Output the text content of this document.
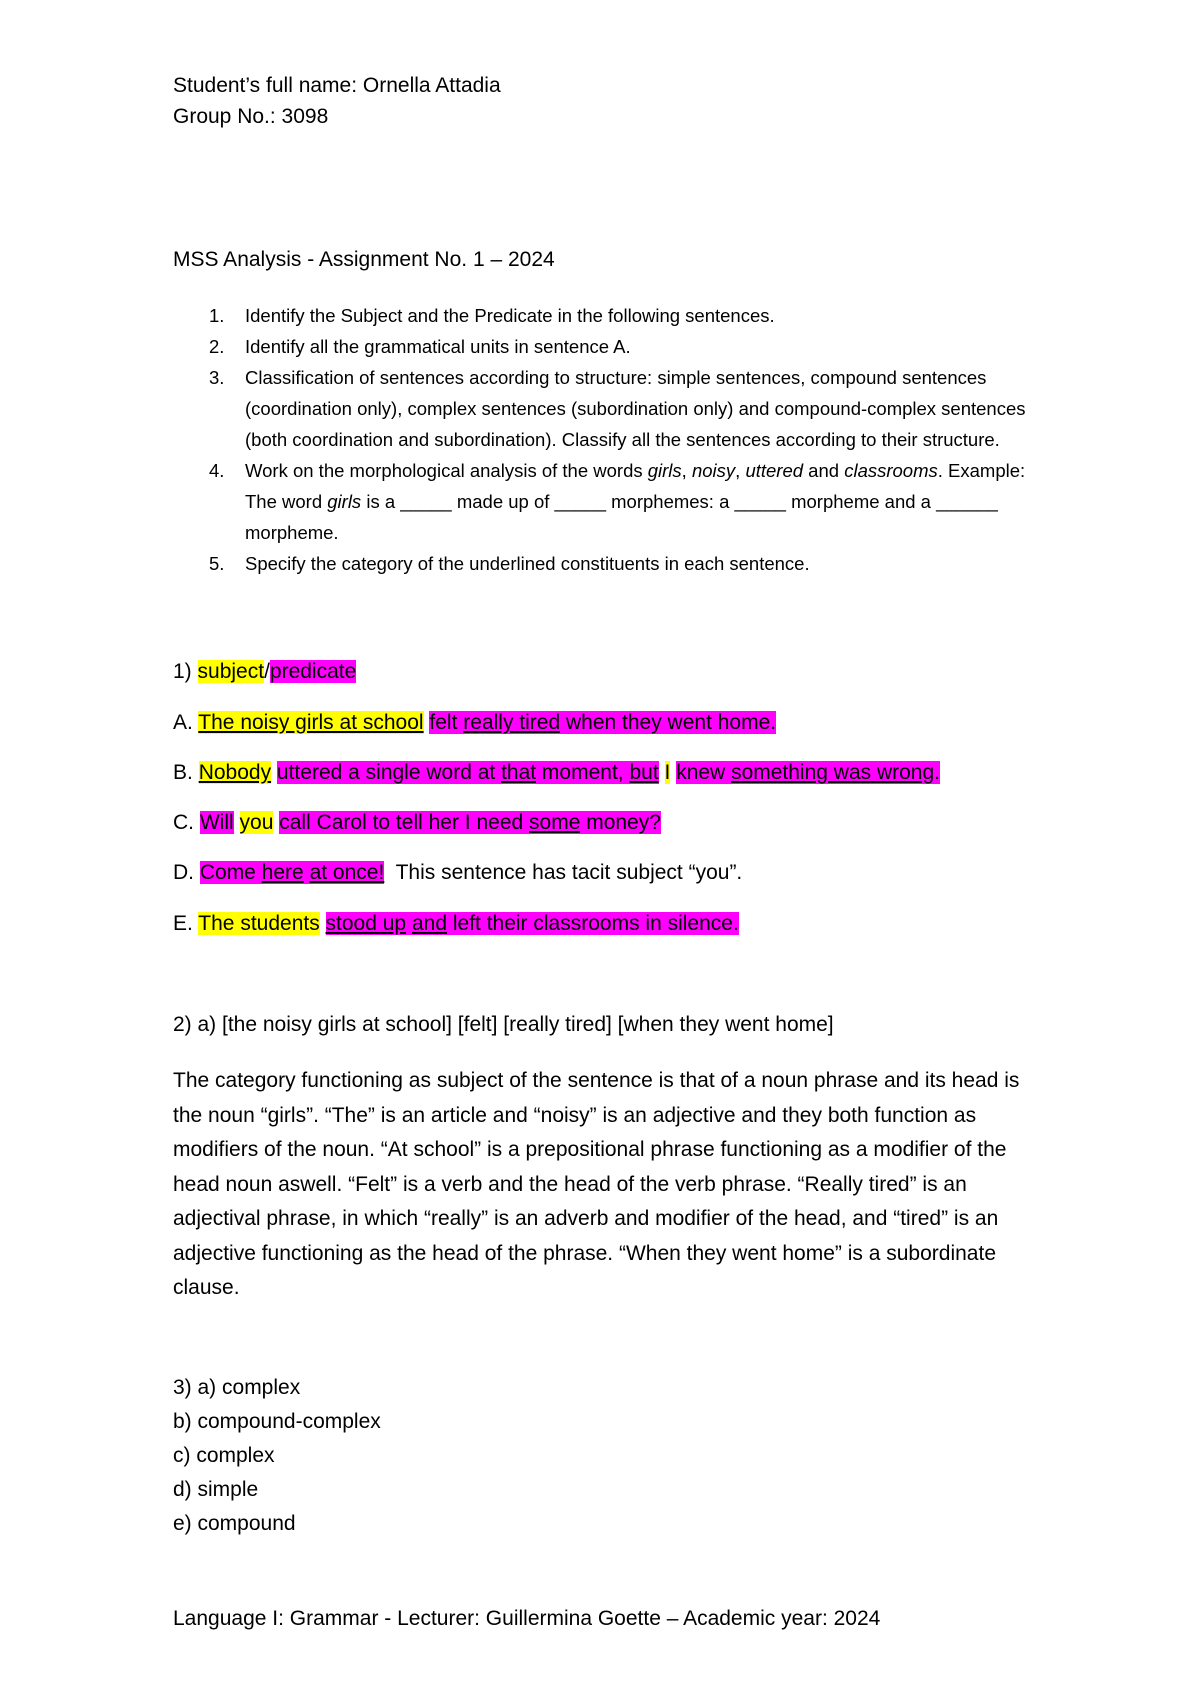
Student’s full name: Ornella Attadia
Group No.: 3098
MSS Analysis - Assignment No. 1 – 2024
1. Identify the Subject and the Predicate in the following sentences.
2. Identify all the grammatical units in sentence A.
3. Classification of sentences according to structure: simple sentences, compound sentences (coordination only), complex sentences (subordination only) and compound-complex sentences (both coordination and subordination). Classify all the sentences according to their structure.
4. Work on the morphological analysis of the words girls, noisy, uttered and classrooms. Example: The word girls is a _____ made up of _____ morphemes: a _____ morpheme and a ______ morpheme.
5. Specify the category of the underlined constituents in each sentence.
1) subject/predicate
A. The noisy girls at school felt really tired when they went home.
B. Nobody uttered a single word at that moment, but I knew something was wrong.
C. Will you call Carol to tell her I need some money?
D. Come here at once!  This sentence has tacit subject “you”.
E. The students stood up and left their classrooms in silence.
2) a) [the noisy girls at school] [felt] [really tired] [when they went home]
The category functioning as subject of the sentence is that of a noun phrase and its head is the noun “girls”. “The” is an article and “noisy” is an adjective and they both function as modifiers of the noun. “At school” is a prepositional phrase functioning as a modifier of the head noun aswell. “Felt” is a verb and the head of the verb phrase. “Really tired” is an adjectival phrase, in which “really” is an adverb and modifier of the head, and “tired” is an adjective functioning as the head of the phrase. “When they went home” is a subordinate clause.
3) a) complex
b) compound-complex
c) complex
d) simple
e) compound
Language I: Grammar - Lecturer: Guillermina Goette – Academic year: 2024
